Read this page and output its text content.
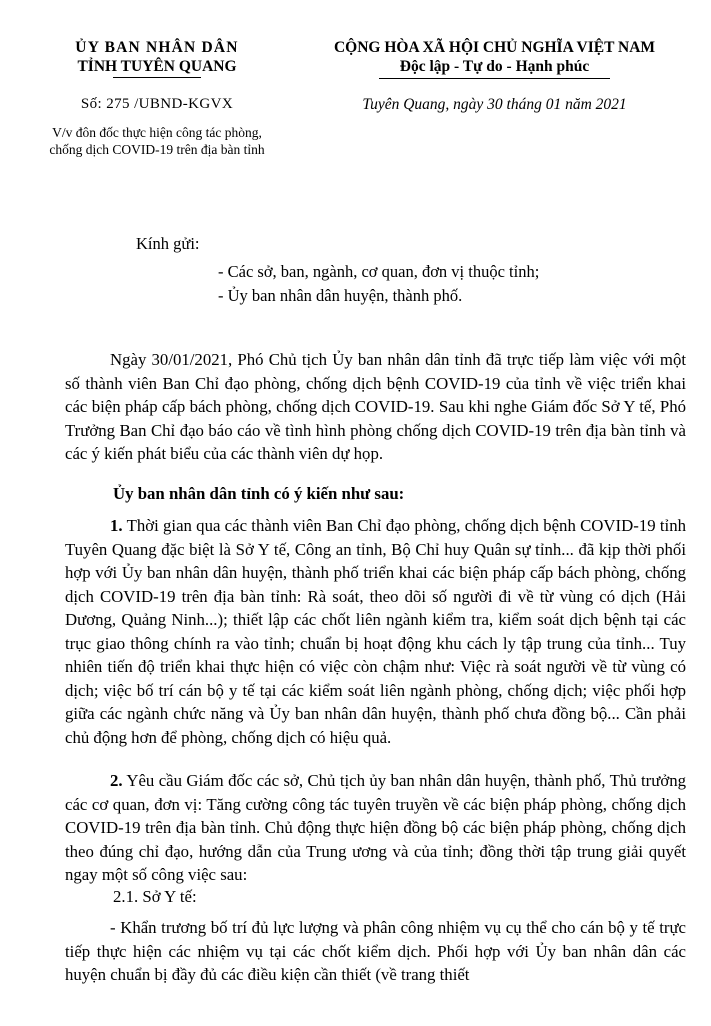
ỦY BAN NHÂN DÂN
TỈNH TUYÊN QUANG
CỘNG HÒA XÃ HỘI CHỦ NGHĨA VIỆT NAM
Độc lập - Tự do - Hạnh phúc
Số: 275 /UBND-KGVX	Tuyên Quang, ngày 30 tháng 01 năm 2021
V/v đôn đốc thực hiện công tác phòng,
chống dịch COVID-19 trên địa bàn tỉnh
Kính gửi:
- Các sở, ban, ngành, cơ quan, đơn vị thuộc tỉnh;
- Ủy ban nhân dân huyện, thành phố.
Ngày 30/01/2021, Phó Chủ tịch Ủy ban nhân dân tỉnh đã trực tiếp làm việc với một số thành viên Ban Chỉ đạo phòng, chống dịch bệnh COVID-19 của tỉnh về việc triển khai các biện pháp cấp bách phòng, chống dịch COVID-19. Sau khi nghe Giám đốc Sở Y tế, Phó Trưởng Ban Chỉ đạo báo cáo về tình hình phòng chống dịch COVID-19 trên địa bàn tỉnh và các ý kiến phát biểu của các thành viên dự họp.
Ủy ban nhân dân tỉnh có ý kiến như sau:
1. Thời gian qua các thành viên Ban Chỉ đạo phòng, chống dịch bệnh COVID-19 tỉnh Tuyên Quang đặc biệt là Sở Y tế, Công an tỉnh, Bộ Chỉ huy Quân sự tỉnh... đã kịp thời phối hợp với Ủy ban nhân dân huyện, thành phố triển khai các biện pháp cấp bách phòng, chống dịch COVID-19 trên địa bàn tỉnh: Rà soát, theo dõi số người đi về từ vùng có dịch (Hải Dương, Quảng Ninh...); thiết lập các chốt liên ngành kiểm tra, kiểm soát dịch bệnh tại các trục giao thông chính ra vào tỉnh; chuẩn bị hoạt động khu cách ly tập trung của tỉnh... Tuy nhiên tiến độ triển khai thực hiện có việc còn chậm như: Việc rà soát người về từ vùng có dịch; việc bố trí cán bộ y tế tại các kiểm soát liên ngành phòng, chống dịch; việc phối hợp giữa các ngành chức năng và Ủy ban nhân dân huyện, thành phố chưa đồng bộ... Cần phải chủ động hơn để phòng, chống dịch có hiệu quả.
2. Yêu cầu Giám đốc các sở, Chủ tịch ủy ban nhân dân huyện, thành phố, Thủ trưởng các cơ quan, đơn vị: Tăng cường công tác tuyên truyền về các biện pháp phòng, chống dịch COVID-19 trên địa bàn tỉnh. Chủ động thực hiện đồng bộ các biện pháp phòng, chống dịch theo đúng chỉ đạo, hướng dẫn của Trung ương và của tỉnh; đồng thời tập trung giải quyết ngay một số công việc sau:
2.1. Sở Y tế:
- Khẩn trương bố trí đủ lực lượng và phân công nhiệm vụ cụ thể cho cán bộ y tế trực tiếp thực hiện các nhiệm vụ tại các chốt kiểm dịch. Phối hợp với Ủy ban nhân dân các huyện chuẩn bị đầy đủ các điều kiện cần thiết (về trang thiết
